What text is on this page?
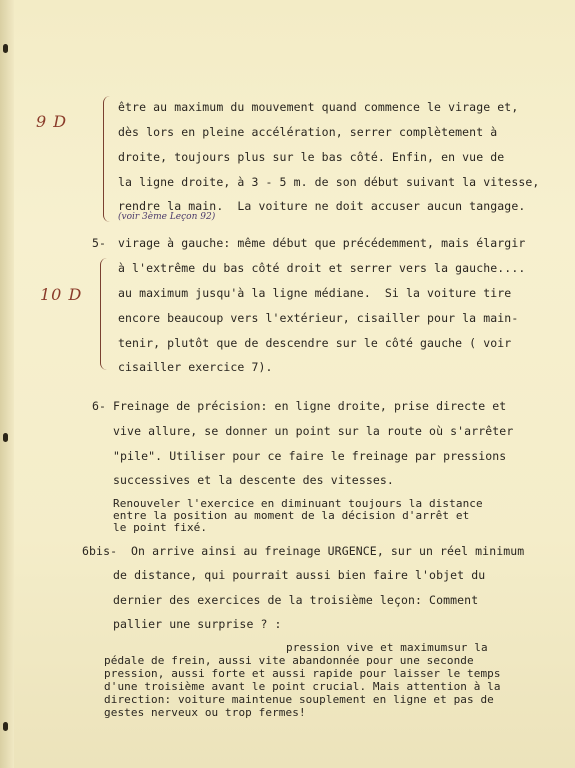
9 D
10 D
être au maximum du mouvement quand commence le virage et,
dès lors en pleine accélération, serrer complètement à
droite, toujours plus sur le bas côté. Enfin, en vue de
la ligne droite, à 3 - 5 m. de son début suivant la vitesse,
rendre la main.  La voiture ne doit accuser aucun tangage.
(voir 3ème Leçon 92)
5- virage à gauche: même début que précédemment, mais élargir
à l'extrême du bas côté droit et serrer vers la gauche....
au maximum jusqu'à la ligne médiane.  Si la voiture tire
encore beaucoup vers l'extérieur, cisailler pour la main-
tenir, plutôt que de descendre sur le côté gauche ( voir
cisailler exercice 7).
6- Freinage de précision: en ligne droite, prise directe et
vive allure, se donner un point sur la route où s'arrêter
"pile". Utiliser pour ce faire le freinage par pressions
successives et la descente des vitesses.
Renouveler l'exercice en diminuant toujours la distance
entre la position au moment de la décision d'arrêt et
le point fixé.
6bis- On arrive ainsi au freinage URGENCE, sur un réel minimum
de distance, qui pourrait aussi bien faire l'objet du
dernier des exercices de la troisième leçon: Comment
pallier une surprise ? :
pression vive et maximumsur la
pédale de frein, aussi vite abandonnée pour une seconde
pression, aussi forte et aussi rapide pour laisser le temps
d'une troisième avant le point crucial. Mais attention à la
direction: voiture maintenue souplement en ligne et pas de
gestes nerveux ou trop fermes!
